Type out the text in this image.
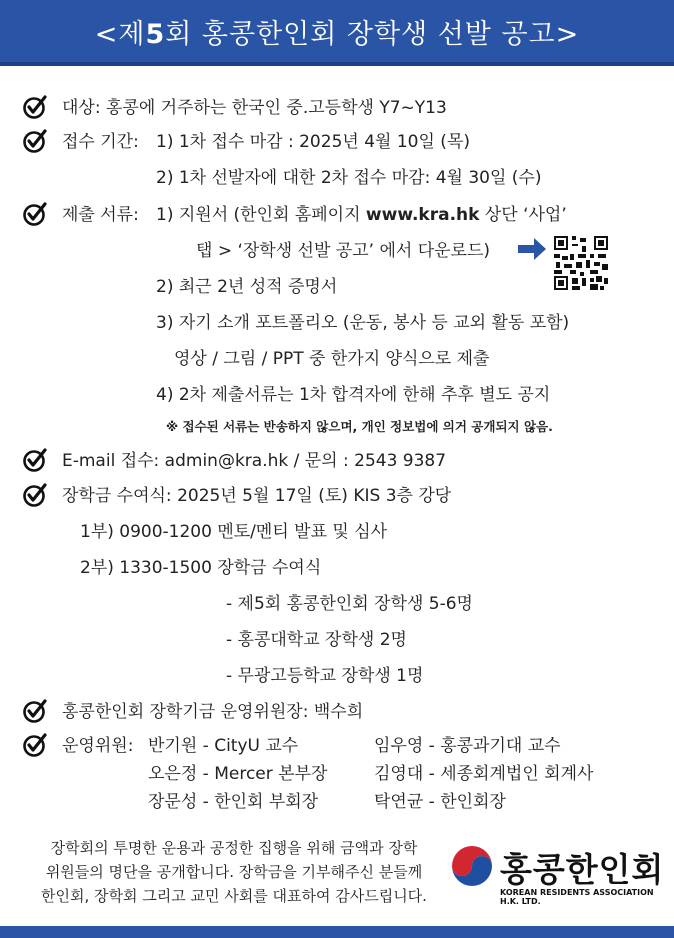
<제5회 홍콩한인회 장학생 선발 공고>
대상: 홍콩에 거주하는 한국인 중.고등학생 Y7~Y13
접수 기간: 1) 1차 접수 마감 : 2025년 4월 10일 (목)
2) 1차 선발자에 대한 2차 접수 마감: 4월 30일 (수)
제출 서류: 1) 지원서 (한인회 홈페이지 www.kra.hk 상단 ‘사업’
탭 > ‘장학생 선발 공고’ 에서 다운로드)
2) 최근 2년 성적 증명서
3) 자기 소개 포트폴리오 (운동, 봉사 등 교외 활동 포함)
영상 / 그림 / PPT 중 한가지 양식으로 제출
4) 2차 제출서류는 1차 합격자에 한해 추후 별도 공지
※ 접수된 서류는 반송하지 않으며, 개인 정보법에 의거 공개되지 않음.
E-mail 접수: admin@kra.hk / 문의 : 2543 9387
장학금 수여식: 2025년 5월 17일 (토) KIS 3층 강당
1부) 0900-1200 멘토/멘티 발표 및 심사
2부) 1330-1500 장학금 수여식
- 제5회 홍콩한인회 장학생 5-6명
- 홍콩대학교 장학생 2명
- 무광고등학교 장학생 1명
홍콩한인회 장학기금 운영위원장: 백수희
운영위원: 반기원 - CityU 교수	임우영 - 홍콩과기대 교수
오은정 - Mercer 본부장	김영대 - 세종회계법인 회계사
장문성 - 한인회 부회장	탁연균 - 한인회장
장학회의 투명한 운용과 공정한 집행을 위해 금액과 장학
위원들의 명단을 공개합니다. 장학금을 기부해주신 분들께
한인회, 장학회 그리고 교민 사회를 대표하여 감사드립니다.
홍콩한인회
KOREAN RESIDENTS ASSOCIATION H.K. LTD.
